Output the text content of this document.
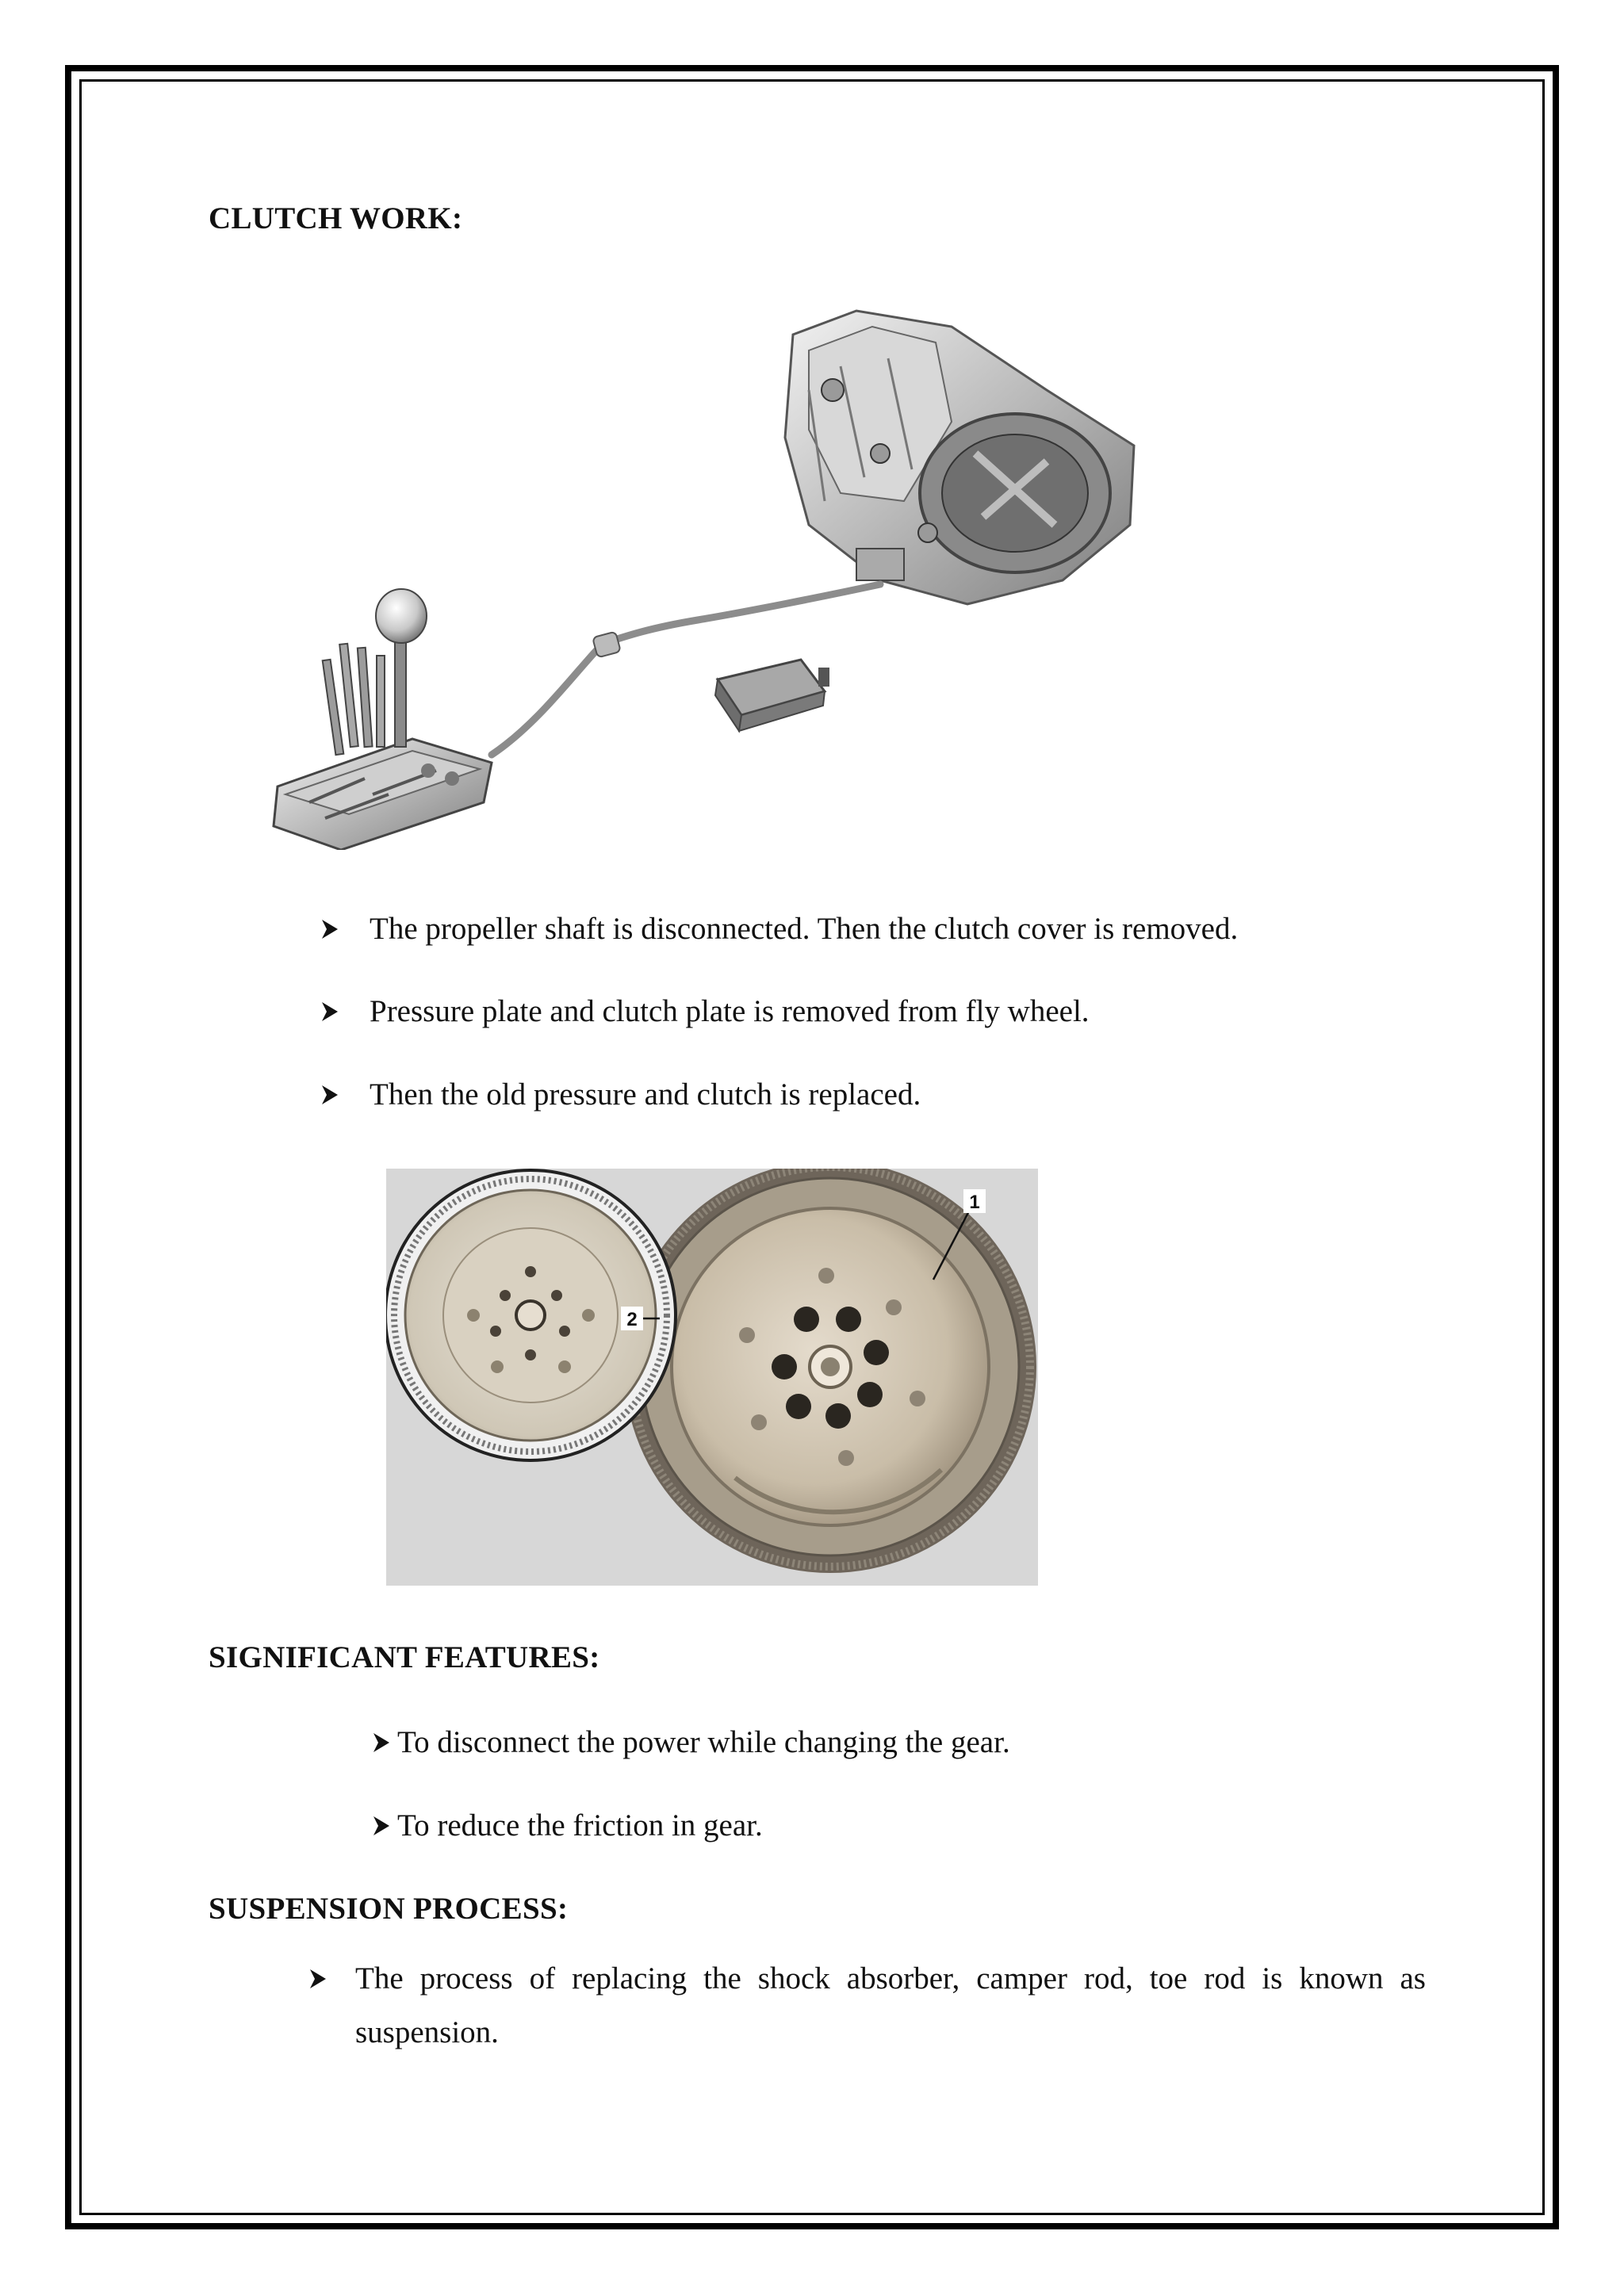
CLUTCH WORK:
The propeller shaft is disconnected. Then the clutch cover is removed.
Pressure plate and clutch plate is removed from fly wheel.
Then the old pressure and clutch is replaced.
1
2
SIGNIFICANT FEATURES:
To disconnect the power while changing the gear.
To reduce the friction in gear.
SUSPENSION PROCESS:
The process of replacing the shock absorber, camper rod, toe rod is known as suspension.
